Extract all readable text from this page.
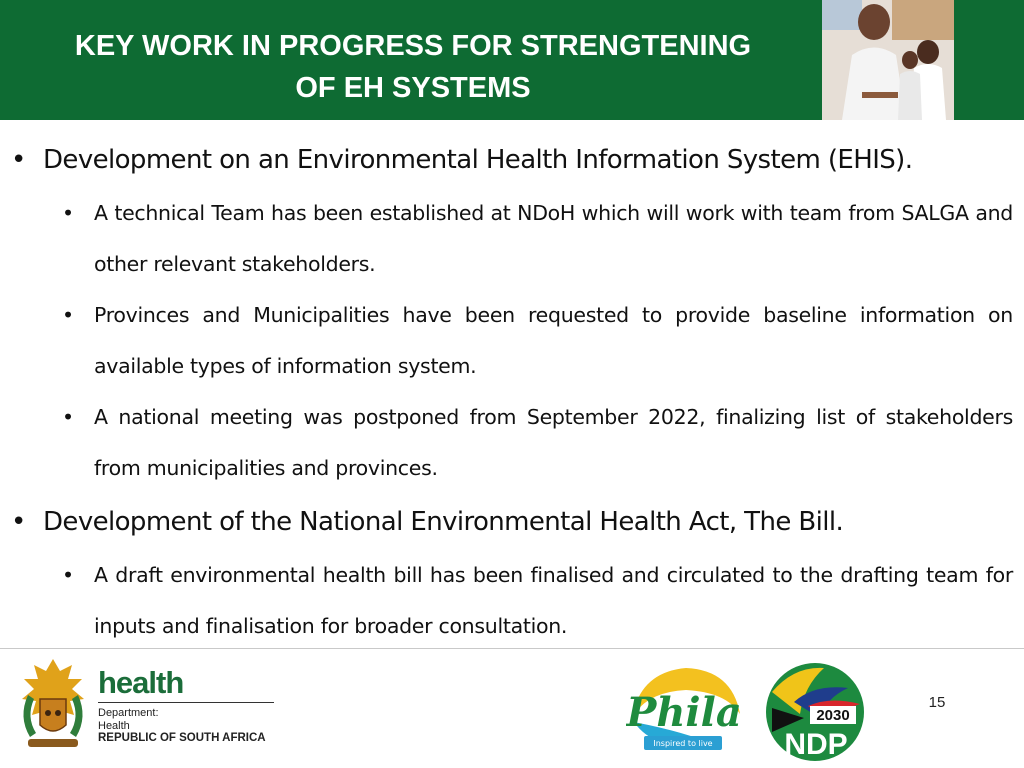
KEY WORK IN PROGRESS FOR STRENGTENING
OF EH SYSTEMS
• Development on an Environmental Health Information System (EHIS).
• A technical Team has been established at NDoH which will work with team from SALGA and other relevant stakeholders.
• Provinces and Municipalities have been requested to provide baseline information on available types of information system.
• A national meeting was postponed from September 2022, finalizing list of stakeholders from municipalities and provinces.
• Development of the National Environmental Health Act, The Bill.
• A draft environmental health bill has been finalised and circulated to the drafting team for inputs and finalisation for broader consultation.
health
Department:
Health
REPUBLIC OF SOUTH AFRICA
Phila
Inspired to live
2030
NDP
15
